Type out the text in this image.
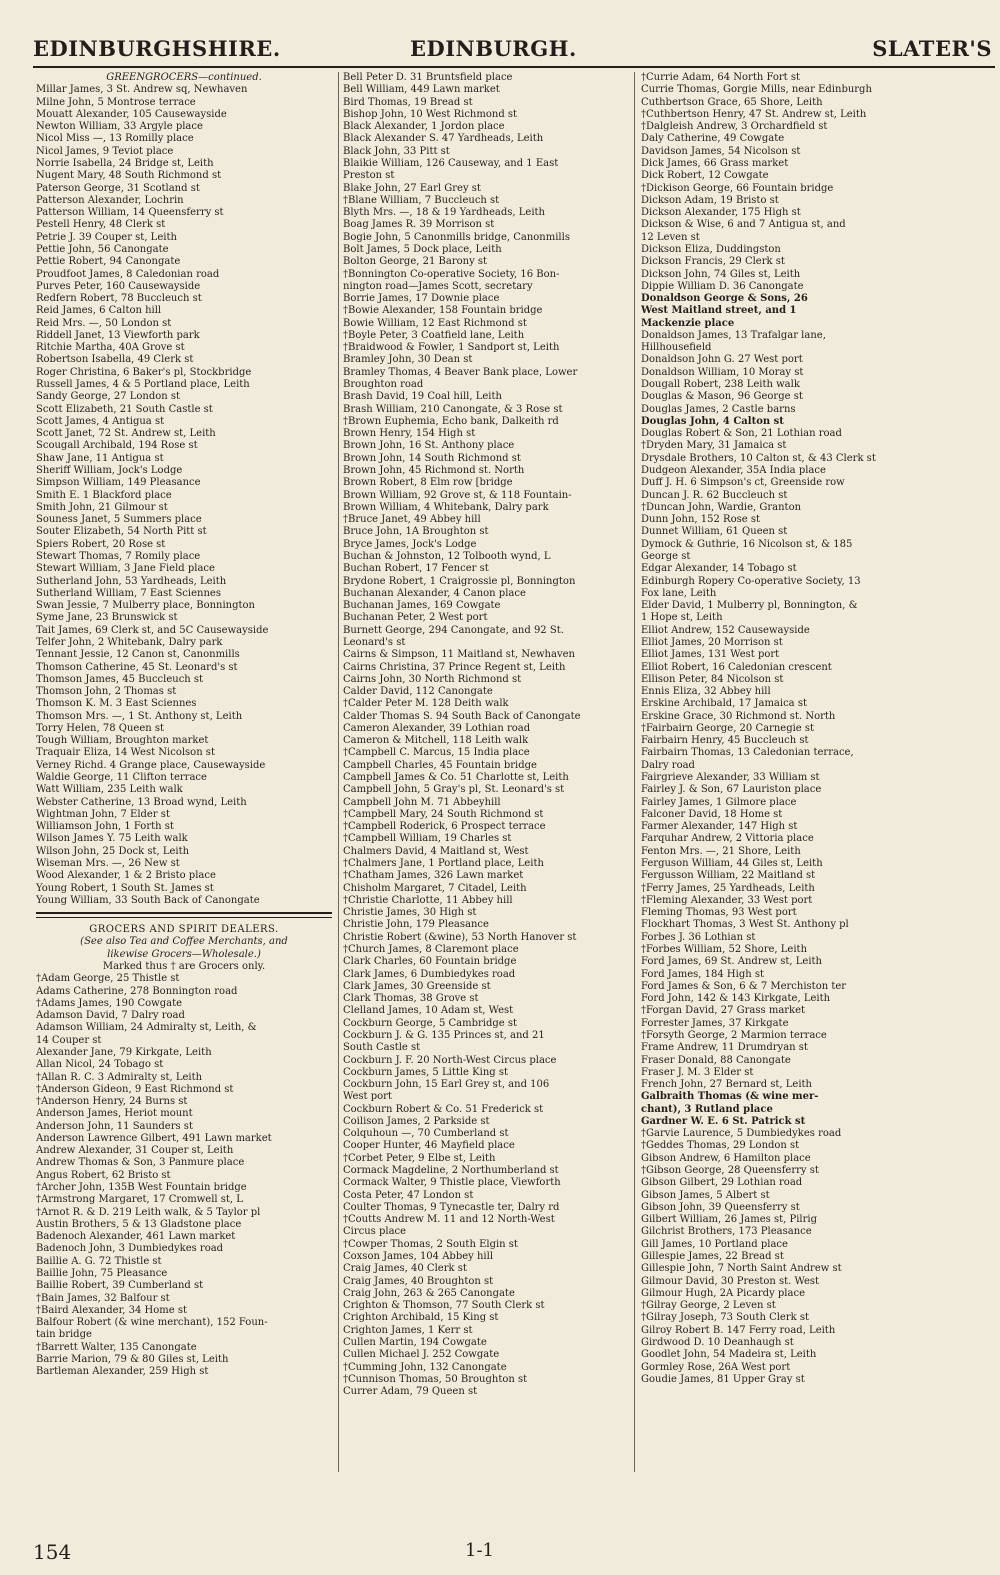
EDINBURGHSHIRE.	EDINBURGH.	SLATER'S
GREENGROCERS—continued.
Millar James, 3 St. Andrew sq, Newhaven
Milne John, 5 Montrose terrace
Mouatt Alexander, 105 Causewayside
Newton William, 33 Argyle place
Nicol Miss —, 13 Romilly place
Nicol James, 9 Teviot place
Norrie Isabella, 24 Bridge st, Leith
Nugent Mary, 48 South Richmond st
Paterson George, 31 Scotland st
Patterson Alexander, Lochrin
Patterson William, 14 Queensferry st
Pestell Henry, 48 Clerk st
Petrie J. 39 Couper st, Leith
Pettie John, 56 Canongate
Pettie Robert, 94 Canongate
Proudfoot James, 8 Caledonian road
Purves Peter, 160 Causewayside
Redfern Robert, 78 Buccleuch st
Reid James, 6 Calton hill
Reid Mrs. —, 50 London st
Riddell Janet, 13 Viewforth park
Ritchie Martha, 40A Grove st
Robertson Isabella, 49 Clerk st
Roger Christina, 6 Baker's pl, Stockbridge
Russell James, 4 & 5 Portland place, Leith
Sandy George, 27 London st
Scott Elizabeth, 21 South Castle st
Scott James, 4 Antigua st
Scott Janet, 72 St. Andrew st, Leith
Scougall Archibald, 194 Rose st
Shaw Jane, 11 Antigua st
Sheriff William, Jock's Lodge
Simpson William, 149 Pleasance
Smith E. 1 Blackford place
Smith John, 21 Gilmour st
Souness Janet, 5 Summers place
Souter Elizabeth, 54 North Pitt st
Spiers Robert, 20 Rose st
Stewart Thomas, 7 Romily place
Stewart William, 3 Jane Field place
Sutherland John, 53 Yardheads, Leith
Sutherland William, 7 East Sciennes
Swan Jessie, 7 Mulberry place, Bonnington
Syme Jane, 23 Brunswick st
Tait James, 69 Clerk st, and 5C Causewayside
Telfer John, 2 Whitebank, Dalry park
Tennant Jessie, 12 Canon st, Canonmills
Thomson Catherine, 45 St. Leonard's st
Thomson James, 45 Buccleuch st
Thomson John, 2 Thomas st
Thomson K. M. 3 East Sciennes
Thomson Mrs. —, 1 St. Anthony st, Leith
Torry Helen, 78 Queen st
Tough William, Broughton market
Traquair Eliza, 14 West Nicolson st
Verney Richd. 4 Grange place, Causewayside
Waldie George, 11 Clifton terrace
Watt William, 235 Leith walk
Webster Catherine, 13 Broad wynd, Leith
Wightman John, 7 Elder st
Williamson John, 1 Forth st
Wilson James Y. 75 Leith walk
Wilson John, 25 Dock st, Leith
Wiseman Mrs. —, 26 New st
Wood Alexander, 1 & 2 Bristo place
Young Robert, 1 South St. James st
Young William, 33 South Back of Canongate
GROCERS AND SPIRIT DEALERS.
(See also Tea and Coffee Merchants, and
likewise Grocers—Wholesale.)
Marked thus † are Grocers only.
†Adam George, 25 Thistle st
Adams Catherine, 278 Bonnington road
†Adams James, 190 Cowgate
Adamson David, 7 Dalry road
Adamson William, 24 Admiralty st, Leith, &
14 Couper st
Alexander Jane, 79 Kirkgate, Leith
Allan Nicol, 24 Tobago st
†Allan R. C. 3 Admiralty st, Leith
†Anderson Gideon, 9 East Richmond st
†Anderson Henry, 24 Burns st
Anderson James, Heriot mount
Anderson John, 11 Saunders st
Anderson Lawrence Gilbert, 491 Lawn market
Andrew Alexander, 31 Couper st, Leith
Andrew Thomas & Son, 3 Panmure place
Angus Robert, 62 Bristo st
†Archer John, 135B West Fountain bridge
†Armstrong Margaret, 17 Cromwell st, L
†Arnot R. & D. 219 Leith walk, & 5 Taylor pl
Austin Brothers, 5 & 13 Gladstone place
Badenoch Alexander, 461 Lawn market
Badenoch John, 3 Dumbiedykes road
Baillie A. G. 72 Thistle st
Baillie John, 75 Pleasance
Baillie Robert, 39 Cumberland st
†Bain James, 32 Balfour st
†Baird Alexander, 34 Home st
Balfour Robert (& wine merchant), 152 Foun-
tain bridge
†Barrett Walter, 135 Canongate
Barrie Marion, 79 & 80 Giles st, Leith
Bartleman Alexander, 259 High st
Bell Peter D. 31 Bruntsfield place
Bell William, 449 Lawn market
Bird Thomas, 19 Bread st
Bishop John, 10 West Richmond st
Black Alexander, 1 Jordon place
Black Alexander S. 47 Yardheads, Leith
Black John, 33 Pitt st
Blaikie William, 126 Causeway, and 1 East
Preston st
Blake John, 27 Earl Grey st
†Blane William, 7 Buccleuch st
Blyth Mrs. —, 18 & 19 Yardheads, Leith
Boag James R. 39 Morrison st
Bogie John, 5 Canonmills bridge, Canonmills
Bolt James, 5 Dock place, Leith
Bolton George, 21 Barony st
†Bonnington Co-operative Society, 16 Bon-
nington road—James Scott, secretary
Borrie James, 17 Downie place
†Bowie Alexander, 158 Fountain bridge
Bowie William, 12 East Richmond st
†Boyle Peter, 3 Coatfield lane, Leith
†Braidwood & Fowler, 1 Sandport st, Leith
Bramley John, 30 Dean st
Bramley Thomas, 4 Beaver Bank place, Lower
Broughton road
Brash David, 19 Coal hill, Leith
Brash William, 210 Canongate, & 3 Rose st
†Brown Euphemia, Echo bank, Dalkeith rd
Brown Henry, 154 High st
Brown John, 16 St. Anthony place
Brown John, 14 South Richmond st
Brown John, 45 Richmond st. North
Brown Robert, 8 Elm row [bridge
Brown William, 92 Grove st, & 118 Fountain-
Brown William, 4 Whitebank, Dalry park
†Bruce Janet, 49 Abbey hill
Bruce John, 1A Broughton st
Bryce James, Jock's Lodge
Buchan & Johnston, 12 Tolbooth wynd, L
Buchan Robert, 17 Fencer st
Brydone Robert, 1 Craigrossie pl, Bonnington
Buchanan Alexander, 4 Canon place
Buchanan James, 169 Cowgate
Buchanan Peter, 2 West port
Burnett George, 294 Canongate, and 92 St.
Leonard's st
Cairns & Simpson, 11 Maitland st, Newhaven
Cairns Christina, 37 Prince Regent st, Leith
Cairns John, 30 North Richmond st
Calder David, 112 Canongate
†Calder Peter M. 128 Deith walk
Calder Thomas S. 94 South Back of Canongate
Cameron Alexander, 39 Lothian road
Cameron & Mitchell, 118 Leith walk
†Campbell C. Marcus, 15 India place
Campbell Charles, 45 Fountain bridge
Campbell James & Co. 51 Charlotte st, Leith
Campbell John, 5 Gray's pl, St. Leonard's st
Campbell John M. 71 Abbeyhill
†Campbell Mary, 24 South Richmond st
†Campbell Roderick, 6 Prospect terrace
†Campbell William, 19 Charles st
Chalmers David, 4 Maitland st, West
†Chalmers Jane, 1 Portland place, Leith
†Chatham James, 326 Lawn market
Chisholm Margaret, 7 Citadel, Leith
†Christie Charlotte, 11 Abbey hill
Christie James, 30 High st
Christie John, 179 Pleasance
Christie Robert (&wine), 53 North Hanover st
†Church James, 8 Claremont place
Clark Charles, 60 Fountain bridge
Clark James, 6 Dumbiedykes road
Clark James, 30 Greenside st
Clark Thomas, 38 Grove st
Clelland James, 10 Adam st, West
Cockburn George, 5 Cambridge st
Cockburn J. & G. 135 Princes st, and 21
South Castle st
Cockburn J. F. 20 North-West Circus place
Cockburn James, 5 Little King st
Cockburn John, 15 Earl Grey st, and 106
West port
Cockburn Robert & Co. 51 Frederick st
Coilison James, 2 Parkside st
Colquhoun —, 70 Cumberland st
Cooper Hunter, 46 Mayfield place
†Corbet Peter, 9 Elbe st, Leith
Cormack Magdeline, 2 Northumberland st
Cormack Walter, 9 Thistle place, Viewforth
Costa Peter, 47 London st
Coulter Thomas, 9 Tynecastle ter, Dalry rd
†Coutts Andrew M. 11 and 12 North-West
Circus place
†Cowper Thomas, 2 South Elgin st
Coxson James, 104 Abbey hill
Craig James, 40 Clerk st
Craig James, 40 Broughton st
Craig John, 263 & 265 Canongate
Crighton & Thomson, 77 South Clerk st
Crighton Archibald, 15 King st
Crighton James, 1 Kerr st
Cullen Martin, 194 Cowgate
Cullen Michael J. 252 Cowgate
†Cumming John, 132 Canongate
†Cunnison Thomas, 50 Broughton st
Currer Adam, 79 Queen st
†Currie Adam, 64 North Fort st
Currie Thomas, Gorgie Mills, near Edinburgh
Cuthbertson Grace, 65 Shore, Leith
†Cuthbertson Henry, 47 St. Andrew st, Leith
†Dalgleish Andrew, 3 Orchardfield st
Daly Catherine, 49 Cowgate
Davidson James, 54 Nicolson st
Dick James, 66 Grass market
Dick Robert, 12 Cowgate
†Dickison George, 66 Fountain bridge
Dickson Adam, 19 Bristo st
Dickson Alexander, 175 High st
Dickson & Wise, 6 and 7 Antigua st, and
12 Leven st
Dickson Eliza, Duddingston
Dickson Francis, 29 Clerk st
Dickson John, 74 Giles st, Leith
Dippie William D. 36 Canongate
Donaldson George & Sons, 26
West Maitland street, and 1
Mackenzie place
Donaldson James, 13 Trafalgar lane,
Hillhousefield
Donaldson John G. 27 West port
Donaldson William, 10 Moray st
Dougall Robert, 238 Leith walk
Douglas & Mason, 96 George st
Douglas James, 2 Castle barns
Douglas John, 4 Calton st
Douglas Robert & Son, 21 Lothian road
†Dryden Mary, 31 Jamaica st
Drysdale Brothers, 10 Calton st, & 43 Clerk st
Dudgeon Alexander, 35A India place
Duff J. H. 6 Simpson's ct, Greenside row
Duncan J. R. 62 Buccleuch st
†Duncan John, Wardie, Granton
Dunn John, 152 Rose st
Dunnet William, 61 Queen st
Dymock & Guthrie, 16 Nicolson st, & 185
George st
Edgar Alexander, 14 Tobago st
Edinburgh Ropery Co-operative Society, 13
Fox lane, Leith
Elder David, 1 Mulberry pl, Bonnington, &
1 Hope st, Leith
Elliot Andrew, 152 Causewayside
Elliot James, 20 Morrison st
Elliot James, 131 West port
Elliot Robert, 16 Caledonian crescent
Ellison Peter, 84 Nicolson st
Ennis Eliza, 32 Abbey hill
Erskine Archibald, 17 Jamaica st
Erskine Grace, 30 Richmond st. North
†Fairbairn George, 20 Carnegie st
Fairbairn Henry, 45 Buccleuch st
Fairbairn Thomas, 13 Caledonian terrace,
Dalry road
Fairgrieve Alexander, 33 William st
Fairley J. & Son, 67 Lauriston place
Fairley James, 1 Gilmore place
Falconer David, 18 Home st
Farmer Alexander, 147 High st
Farquhar Andrew, 2 Vittoria place
Fenton Mrs. —, 21 Shore, Leith
Ferguson William, 44 Giles st, Leith
Fergusson William, 22 Maitland st
†Ferry James, 25 Yardheads, Leith
†Fleming Alexander, 33 West port
Fleming Thomas, 93 West port
Flockhart Thomas, 3 West St. Anthony pl
Forbes J. 36 Lothian st
†Forbes William, 52 Shore, Leith
Ford James, 69 St. Andrew st, Leith
Ford James, 184 High st
Ford James & Son, 6 & 7 Merchiston ter
Ford John, 142 & 143 Kirkgate, Leith
†Forgan David, 27 Grass market
Forrester James, 37 Kirkgate
†Forsyth George, 2 Marmion terrace
Frame Andrew, 11 Drumdryan st
Fraser Donald, 88 Canongate
Fraser J. M. 3 Elder st
French John, 27 Bernard st, Leith
Galbraith Thomas (& wine mer-
chant), 3 Rutland place
Gardner W. E. 6 St. Patrick st
†Garvie Laurence, 5 Dumbiedykes road
†Geddes Thomas, 29 London st
Gibson Andrew, 6 Hamilton place
†Gibson George, 28 Queensferry st
Gibson Gilbert, 29 Lothian road
Gibson James, 5 Albert st
Gibson John, 39 Queensferry st
Gilbert William, 26 James st, Pilrig
Gilchrist Brothers, 173 Pleasance
Gill James, 10 Portland place
Gillespie James, 22 Bread st
Gillespie John, 7 North Saint Andrew st
Gilmour David, 30 Preston st. West
Gilmour Hugh, 2A Picardy place
†Gilray George, 2 Leven st
†Gilray Joseph, 73 South Clerk st
Gilroy Robert B. 147 Ferry road, Leith
Girdwood D. 10 Deanhaugh st
Goodlet John, 54 Madeira st, Leith
Gormley Rose, 26A West port
Goudie James, 81 Upper Gray st
154	1-1
